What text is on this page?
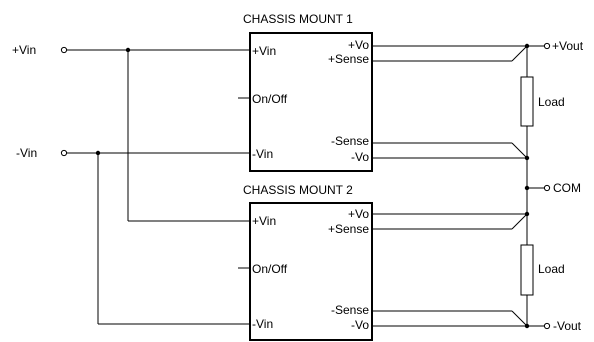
Load
Load
CHASSIS MOUNT 1
CHASSIS MOUNT 2
+Vin
On/Off
-Vin
+Vo
+Sense
-Sense
-Vo
+Vin
On/Off
-Vin
+Vo
+Sense
-Sense
-Vo
+Vin
-Vin
+Vout
COM
-Vout
